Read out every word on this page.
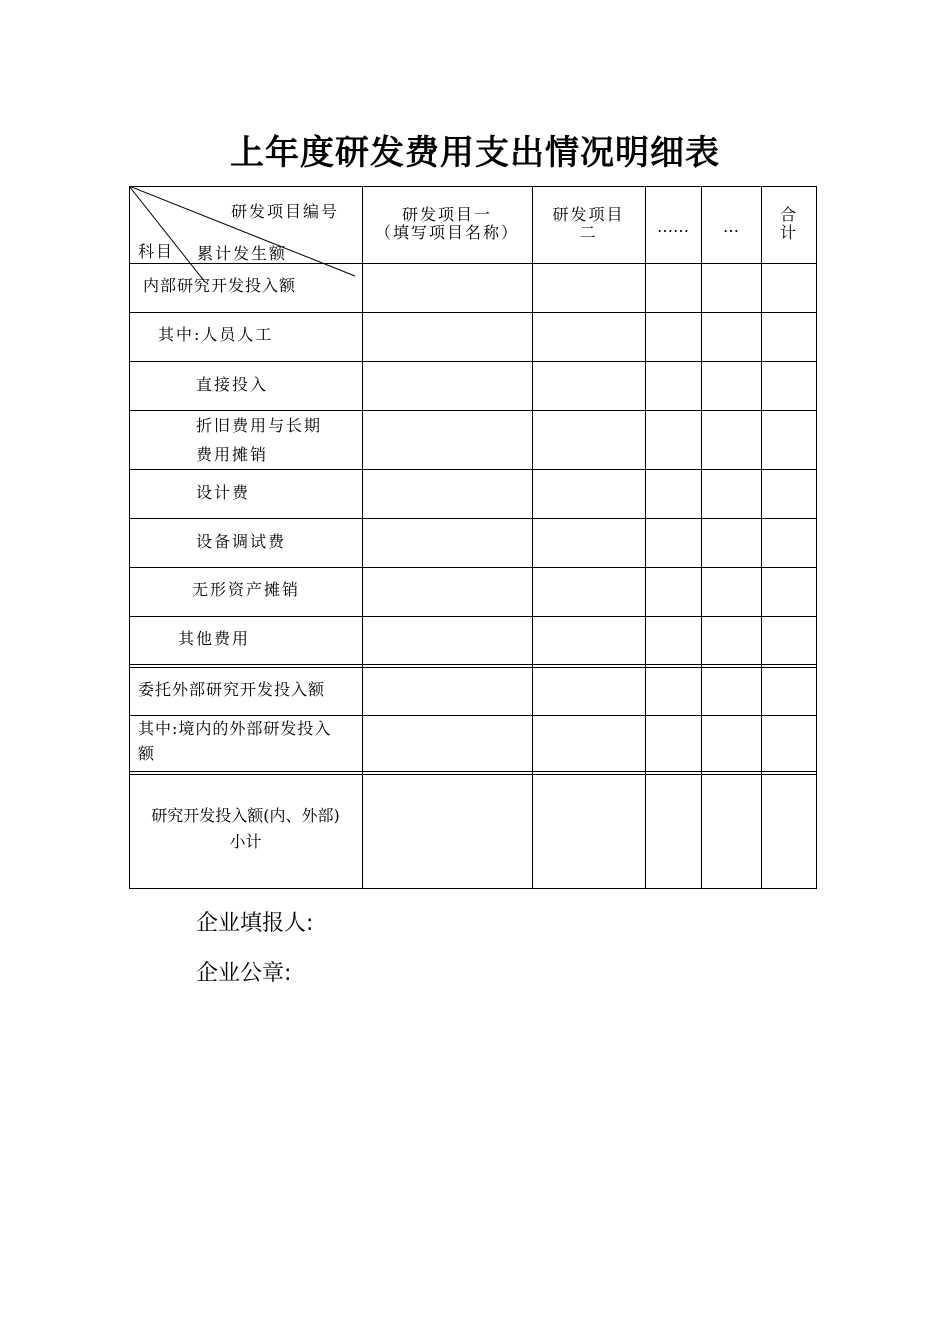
上年度研发费用支出情况明细表
研发项目编号
科目 累计发生额
研发项目一
（填写项目名称）
研发项目
二	……	…
合
计
内部研究开发投入额
其中:人员人工
直接投入
折旧费用与长期
费用摊销
设计费
设备调试费
无形资产摊销
其他费用
委托外部研究开发投入额
其中:境内的外部研发投入
额
研究开发投入额(内、外部)
小计
企业填报人:
企业公章:
